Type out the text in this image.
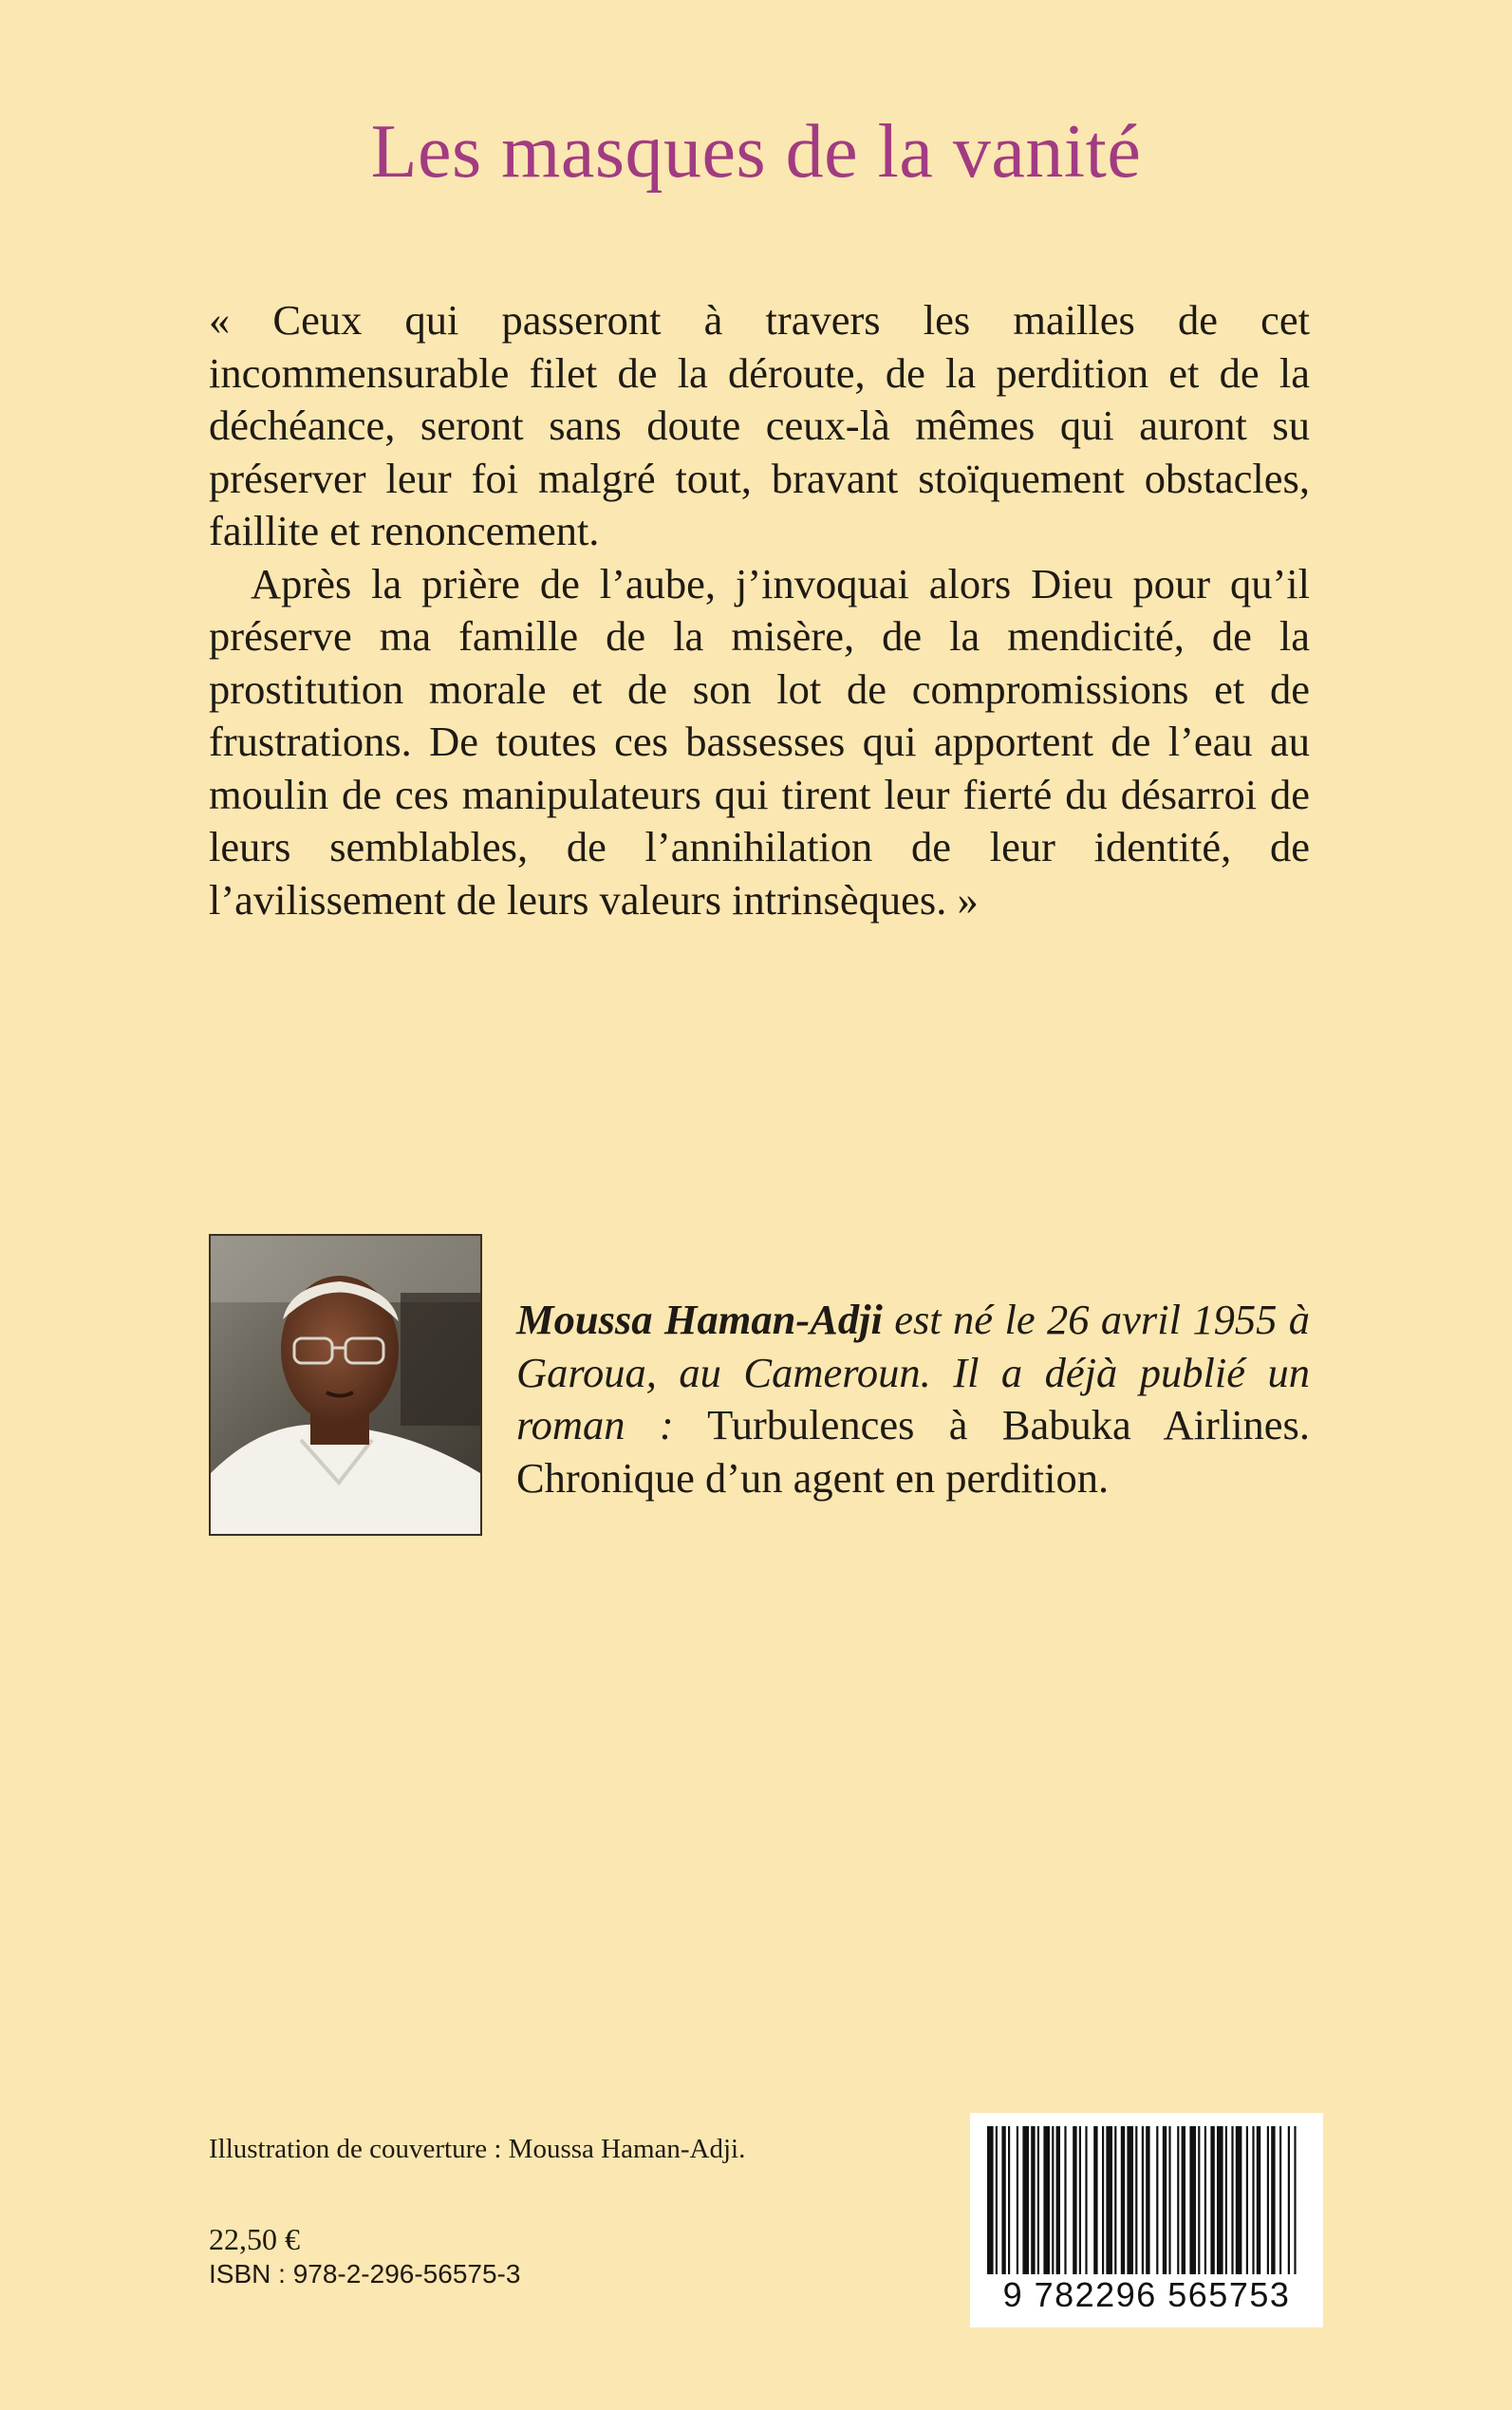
Les masques de la vanité

« Ceux qui passeront à travers les mailles de cet incommensurable filet de la déroute, de la perdition et de la déchéance, seront sans doute ceux-là mêmes qui auront su préserver leur foi malgré tout, bravant stoïquement obstacles, faillite et renoncement.

Après la prière de l’aube, j’invoquai alors Dieu pour qu’il préserve ma famille de la misère, de la mendicité, de la prostitution morale et de son lot de compromissions et de frustrations. De toutes ces bassesses qui apportent de l’eau au moulin de ces manipulateurs qui tirent leur fierté du désarroi de leurs semblables, de l’annihilation de leur identité, de l’avilissement de leurs valeurs intrinsèques. »

Moussa Haman-Adji est né le 26 avril 1955 à Garoua, au Cameroun. Il a déjà publié un roman : Turbulences à Babuka Airlines. Chronique d’un agent en perdition.
Illustration de couverture : Moussa Haman-Adji.
22,50 €
ISBN : 978-2-296-56575-3
9 782296 565753
